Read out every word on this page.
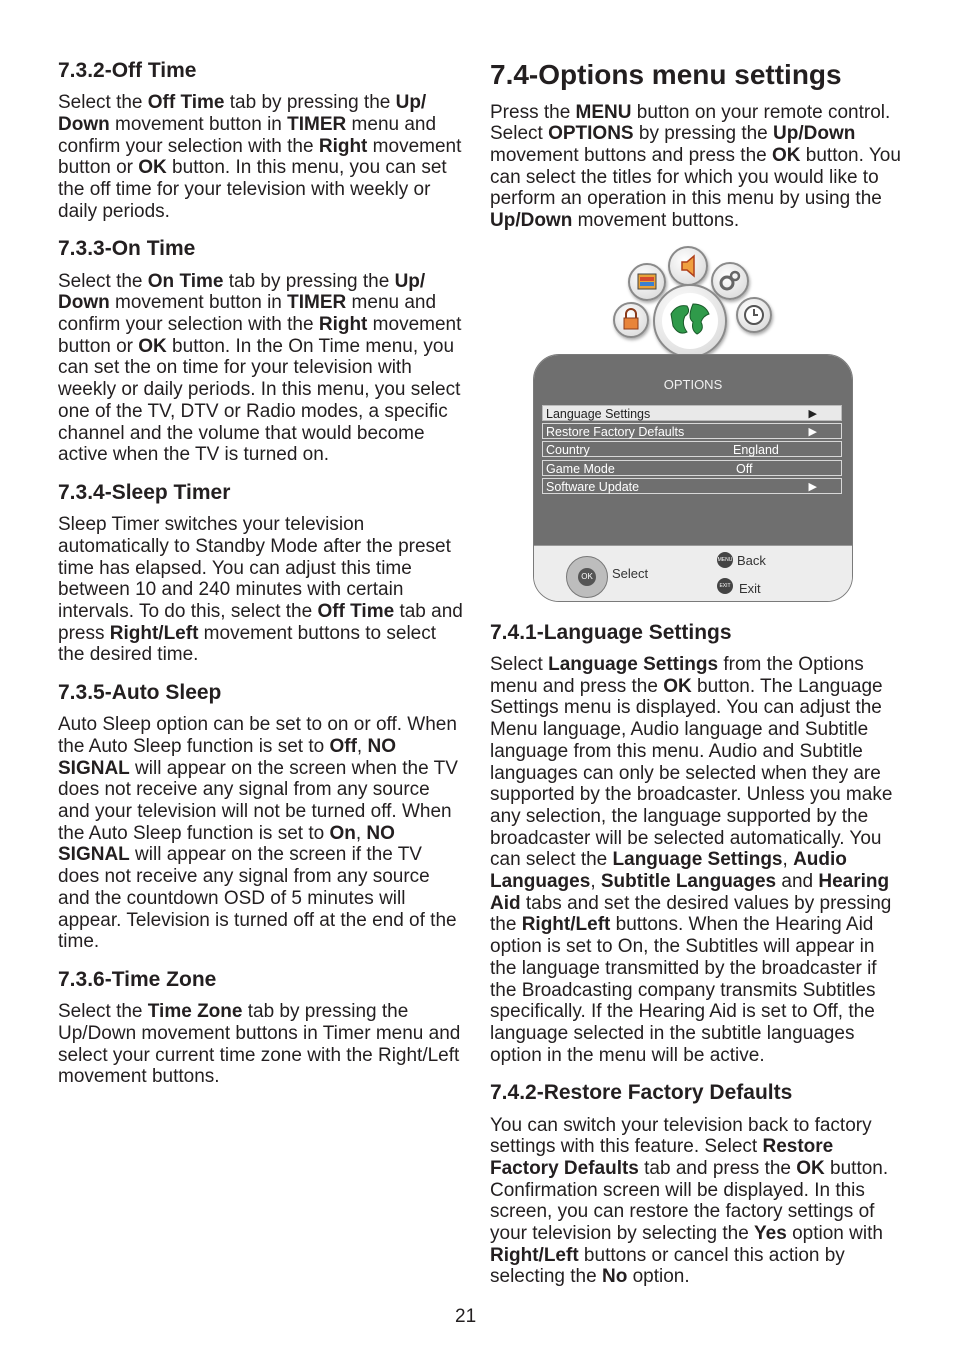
7.3.2-Off Time

Select the Off Time tab by pressing the Up/ Down movement button in TIMER menu and confirm your selection with the Right movement button or OK button. In this menu, you can set the off time for your television with weekly or daily periods.

7.3.3-On Time

Select the On Time tab by pressing the Up/ Down movement button in TIMER menu and confirm your selection with the Right movement button or OK button. In the On Time menu, you can set the on time for your television with weekly or daily periods. In this menu, you select one of the TV, DTV or Radio modes, a specific channel and the volume that would become active when the TV is turned on.

7.3.4-Sleep Timer

Sleep Timer switches your television automatically to Standby Mode after the preset time has elapsed. You can adjust this time between 10 and 240 minutes with certain intervals. To do this, select the Off Time tab and press Right/Left movement buttons to select the desired time.

7.3.5-Auto Sleep

Auto Sleep option can be set to on or off. When the Auto Sleep function is set to Off, NO SIGNAL will appear on the screen when the TV does not receive any signal from any source and your television will not be turned off. When the Auto Sleep function is set to On, NO SIGNAL will appear on the screen if the TV does not receive any signal from any source and the countdown OSD of 5 minutes will appear. Television is turned off at the end of the time.

7.3.6-Time Zone

Select the Time Zone tab by pressing the Up/Down movement buttons in Timer menu and select your current time zone with the Right/Left movement buttons.

7.4-Options menu settings

Press the MENU button on your remote control. Select OPTIONS by pressing the Up/Down movement buttons and press the OK button. You can select the titles for which you would like to perform an operation in this menu by using the Up/Down movement buttons.

OPTIONS
Language Settings	▶
Restore Factory Defaults	▶
Country	England
Game Mode	Off
Software Update	▶
OK Select
MENU Back
EXIT Exit
7.4.1-Language Settings

Select Language Settings from the Options menu and press the OK button. The Language Settings menu is displayed. You can adjust the Menu language, Audio language and Subtitle language from this menu. Audio and Subtitle languages can only be selected when they are supported by the broadcaster. Unless you make any selection, the language supported by the broadcaster will be selected automatically. You can select the Language Settings, Audio Languages, Subtitle Languages and Hearing Aid tabs and set the desired values by pressing the Right/Left buttons. When the Hearing Aid option is set to On, the Subtitles will appear in the language transmitted by the broadcaster if the Broadcasting company transmits Subtitles specifically. If the Hearing Aid is set to Off, the language selected in the subtitle languages option in the menu will be active.

7.4.2-Restore Factory Defaults

You can switch your television back to factory settings with this feature. Select Restore Factory Defaults tab and press the OK button. Confirmation screen will be displayed. In this screen, you can restore the factory settings of your television by selecting the Yes option with Right/Left buttons or cancel this action by selecting the No option.

21
